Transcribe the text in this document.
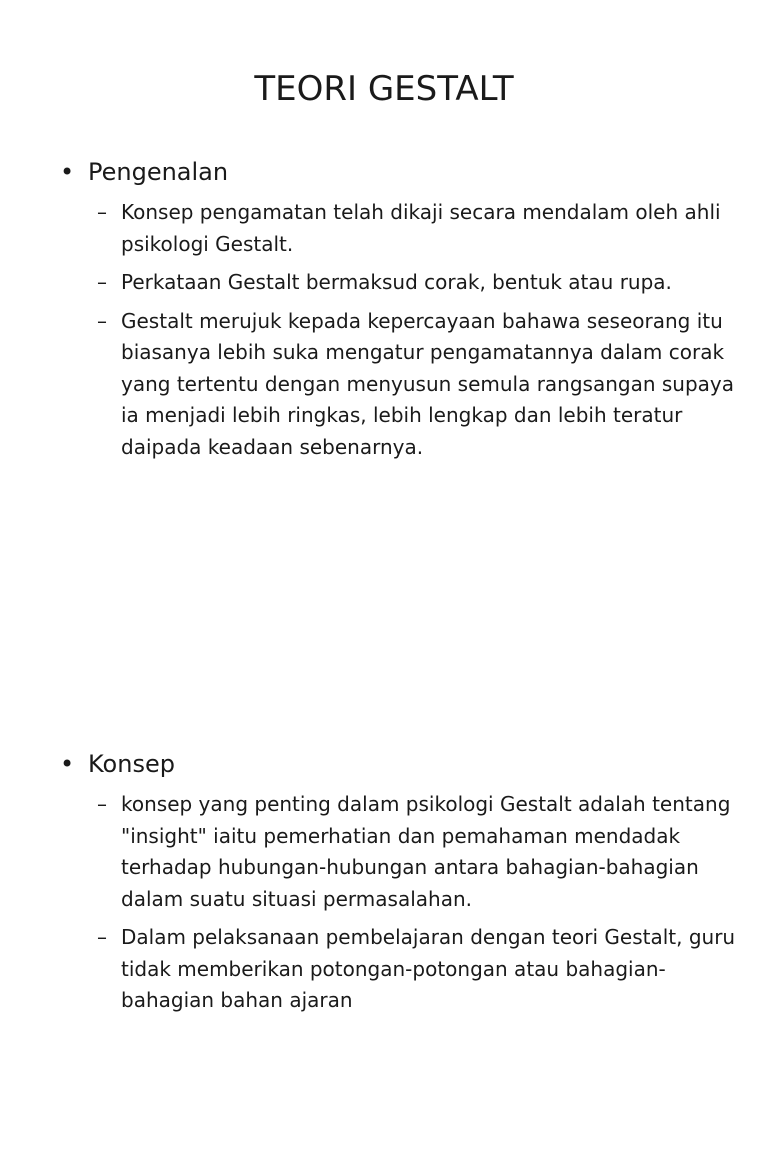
TEORI GESTALT
• Pengenalan
– Konsep pengamatan telah dikaji secara mendalam oleh ahli psikologi Gestalt.
– Perkataan Gestalt bermaksud corak, bentuk atau rupa.
– Gestalt merujuk kepada kepercayaan bahawa seseorang itu biasanya lebih suka mengatur pengamatannya dalam corak yang tertentu dengan menyusun semula rangsangan supaya ia menjadi lebih ringkas, lebih lengkap dan lebih teratur daipada keadaan sebenarnya.
• Konsep
– konsep yang penting dalam psikologi Gestalt adalah tentang "insight" iaitu pemerhatian dan pemahaman mendadak terhadap hubungan-hubungan antara bahagian-bahagian dalam suatu situasi permasalahan.
– Dalam pelaksanaan pembelajaran dengan teori Gestalt, guru tidak memberikan potongan-potongan atau bahagian-bahagian bahan ajaran
